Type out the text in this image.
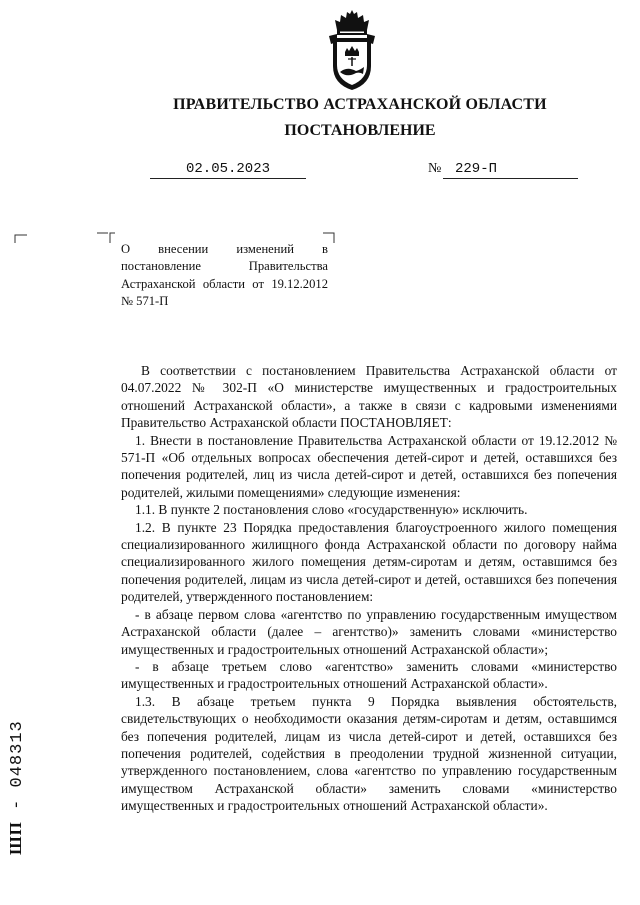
ПРАВИТЕЛЬСТВО АСТРАХАНСКОЙ ОБЛАСТИ
ПОСТАНОВЛЕНИЕ
02.05.2023	№ 229-П
О внесении изменений в постановление Правительства Астраханской области от 19.12.2012 № 571-П

В соответствии с постановлением Правительства Астраханской области от 04.07.2022 № 302-П «О министерстве имущественных и градостроительных отношений Астраханской области», а также в связи с кадровыми изменениями Правительство Астраханской области ПОСТАНОВЛЯЕТ:

1. Внести в постановление Правительства Астраханской области от 19.12.2012 № 571-П «Об отдельных вопросах обеспечения детей-сирот и детей, оставшихся без попечения родителей, лиц из числа детей-сирот и детей, оставшихся без попечения родителей, жилыми помещениями» следующие изменения:

1.1. В пункте 2 постановления слово «государственную» исключить.

1.2. В пункте 23 Порядка предоставления благоустроенного жилого помещения специализированного жилищного фонда Астраханской области по договору найма специализированного жилого помещения детям-сиротам и детям, оставшимся без попечения родителей, лицам из числа детей-сирот и детей, оставшихся без попечения родителей, утвержденного постановлением:

- в абзаце первом слова «агентство по управлению государственным имуществом Астраханской области (далее – агентство)» заменить словами «министерство имущественных и градостроительных отношений Астраханской области»;

- в абзаце третьем слово «агентство» заменить словами «министерство имущественных и градостроительных отношений Астраханской области».

1.3. В абзаце третьем пункта 9 Порядка выявления обстоятельств, свидетельствующих о необходимости оказания детям-сиротам и детям, оставшимся без попечения родителей, лицам из числа детей-сирот и детей, оставшихся без попечения родителей, содействия в преодолении трудной жизненной ситуации, утвержденного постановлением, слова «агентство по управлению государственным имуществом Астраханской области» заменить словами «министерство имущественных и градостроительных отношений Астраханской области».

ШП - 048313
